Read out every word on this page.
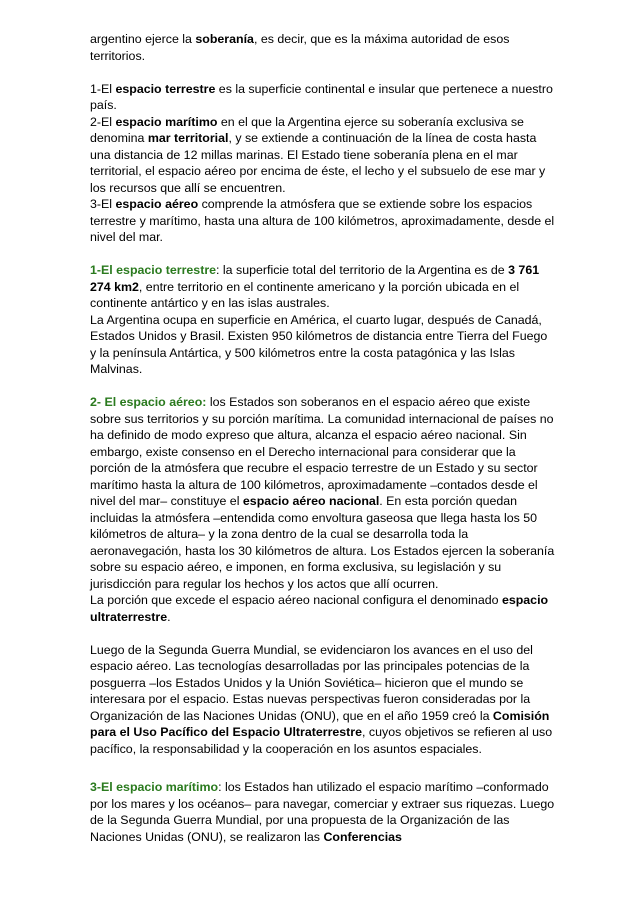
argentino ejerce la soberanía, es decir, que es la máxima autoridad de esos territorios.

1-El espacio terrestre es la superficie continental e insular que pertenece a nuestro país.

2-El espacio marítimo en el que la Argentina ejerce su soberanía exclusiva se denomina mar territorial, y se extiende a continuación de la línea de costa hasta una distancia de 12 millas marinas. El Estado tiene soberanía plena en el mar territorial, el espacio aéreo por encima de éste, el lecho y el subsuelo de ese mar y los recursos que allí se encuentren.

3-El espacio aéreo comprende la atmósfera que se extiende sobre los espacios terrestre y marítimo, hasta una altura de 100 kilómetros, aproximadamente, desde el nivel del mar.

1-El espacio terrestre: la superficie total del territorio de la Argentina es de 3 761 274 km2, entre territorio en el continente americano y la porción ubicada en el continente antártico y en las islas australes.

La Argentina ocupa en superficie en América, el cuarto lugar, después de Canadá,

Estados Unidos y Brasil. Existen 950 kilómetros de distancia entre Tierra del Fuego y la península Antártica, y 500 kilómetros entre la costa patagónica y las Islas Malvinas.

2- El espacio aéreo: los Estados son soberanos en el espacio aéreo que existe sobre sus territorios y su porción marítima. La comunidad internacional de países no ha definido de modo expreso que altura, alcanza el espacio aéreo nacional. Sin embargo, existe consenso en el Derecho internacional para considerar que la porción de la atmósfera que recubre el espacio terrestre de un Estado y su sector marítimo hasta la altura de 100 kilómetros, aproximadamente –contados desde el nivel del mar– constituye el espacio aéreo nacional. En esta porción quedan incluidas la atmósfera –entendida como envoltura gaseosa que llega hasta los 50 kilómetros de altura– y la zona dentro de la cual se desarrolla toda la aeronavegación, hasta los 30 kilómetros de altura. Los Estados ejercen la soberanía sobre su espacio aéreo, e imponen, en forma exclusiva, su legislación y su jurisdicción para regular los hechos y los actos que allí ocurren.

La porción que excede el espacio aéreo nacional configura el denominado espacio ultraterrestre.

Luego de la Segunda Guerra Mundial, se evidenciaron los avances en el uso del espacio aéreo. Las tecnologías desarrolladas por las principales potencias de la posguerra –los Estados Unidos y la Unión Soviética– hicieron que el mundo se interesara por el espacio. Estas nuevas perspectivas fueron consideradas por la Organización de las Naciones Unidas (ONU), que en el año 1959 creó la Comisión para el Uso Pacífico del Espacio Ultraterrestre, cuyos objetivos se refieren al uso pacífico, la responsabilidad y la cooperación en los asuntos espaciales.

3-El espacio marítimo: los Estados han utilizado el espacio marítimo –conformado por los mares y los océanos– para navegar, comerciar y extraer sus riquezas. Luego de la Segunda Guerra Mundial, por una propuesta de la Organización de las Naciones Unidas (ONU), se realizaron las Conferencias
